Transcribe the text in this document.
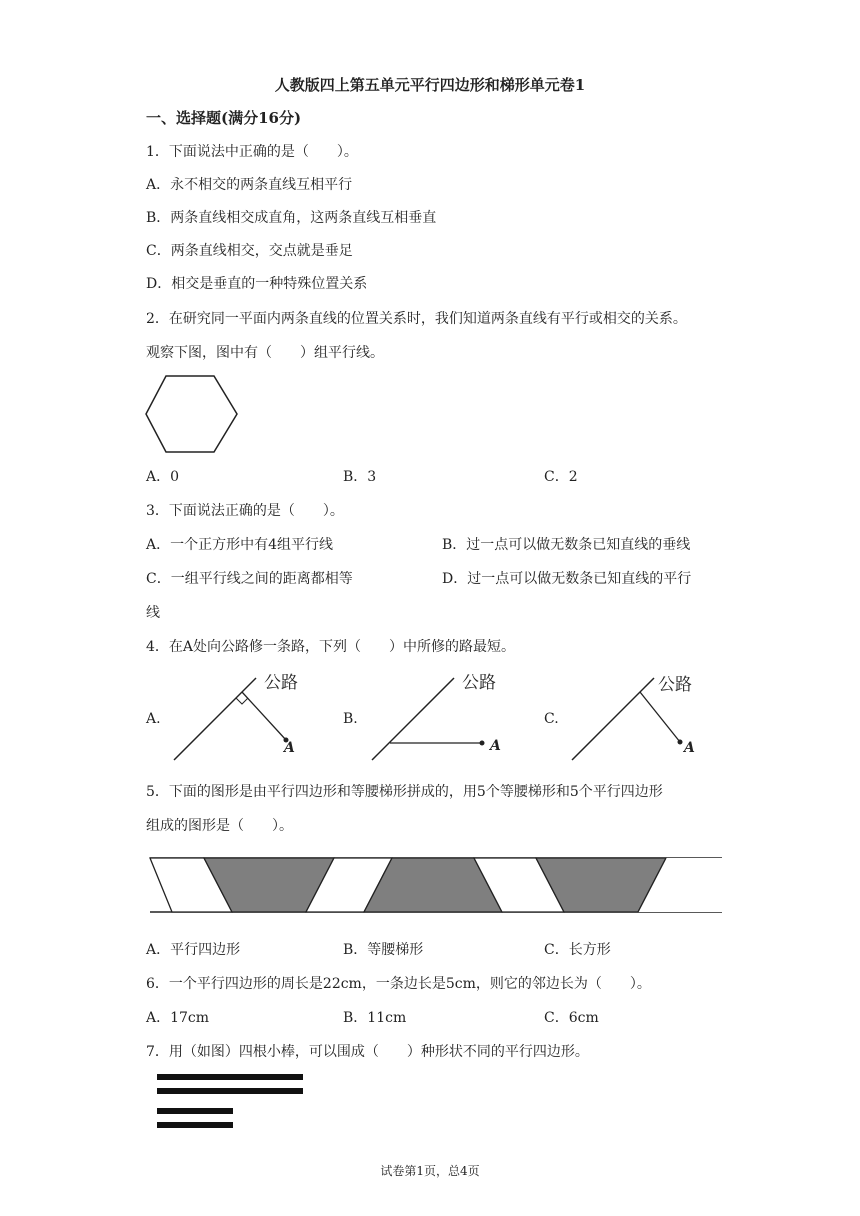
人教版四上第五单元平行四边形和梯形单元卷1
一、选择题(满分16分)
1．下面说法中正确的是（　　）。
A．永不相交的两条直线互相平行
B．两条直线相交成直角，这两条直线互相垂直
C．两条直线相交，交点就是垂足
D．相交是垂直的一种特殊位置关系
2．在研究同一平面内两条直线的位置关系时，我们知道两条直线有平行或相交的关系。
观察下图，图中有（　　）组平行线。
A．0	B．3	C．2
3．下面说法正确的是（　　）。
A．一个正方形中有4组平行线	B．过一点可以做无数条已知直线的垂线
C．一组平行线之间的距离都相等	D．过一点可以做无数条已知直线的平行
线
4．在A处向公路修一条路，下列（　　）中所修的路最短。
A.
公路
A
B.
公路
A
C.
公路
A
5．下面的图形是由平行四边形和等腰梯形拼成的，用5个等腰梯形和5个平行四边形
组成的图形是（　　）。
A．平行四边形	B．等腰梯形	C．长方形
6．一个平行四边形的周长是22cm，一条边长是5cm，则它的邻边长为（　　）。
A．17cm	B．11cm	C．6cm
7．用（如图）四根小棒，可以围成（　　）种形状不同的平行四边形。
试卷第1页，总4页
